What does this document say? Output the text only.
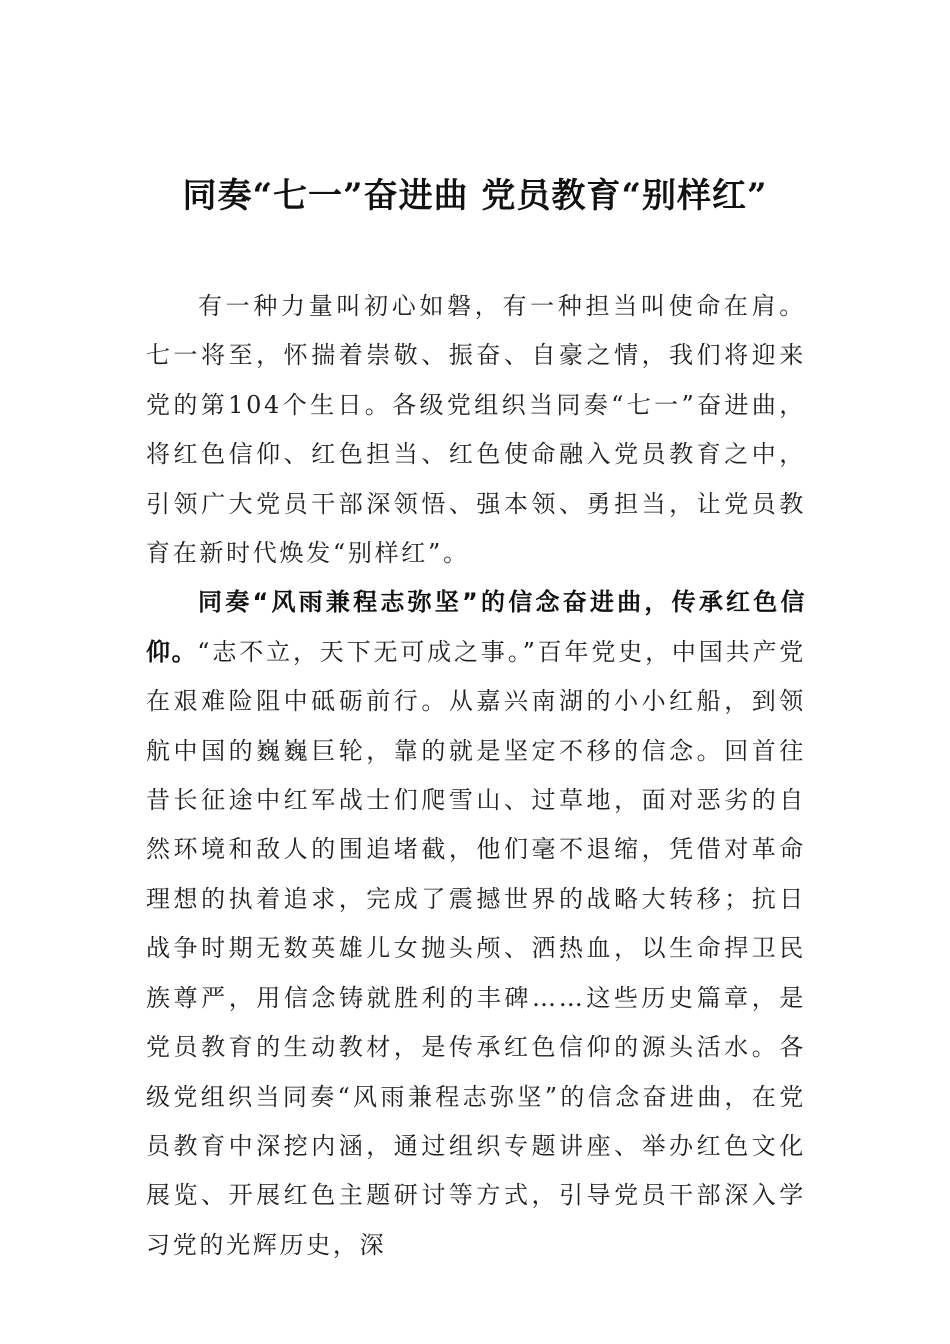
同奏“七一”奋进曲 党员教育“别样红”

有一种力量叫初心如磐，有一种担当叫使命在肩。七一将至，怀揣着崇敬、振奋、自豪之情，我们将迎来党的第104个生日。各级党组织当同奏“七一”奋进曲，将红色信仰、红色担当、红色使命融入党员教育之中，引领广大党员干部深领悟、强本领、勇担当，让党员教育在新时代焕发“别样红”。

同奏“风雨兼程志弥坚”的信念奋进曲，传承红色信仰。“志不立，天下无可成之事。”百年党史，中国共产党在艰难险阻中砥砺前行。从嘉兴南湖的小小红船，到领航中国的巍巍巨轮，靠的就是坚定不移的信念。回首往昔长征途中红军战士们爬雪山、过草地，面对恶劣的自然环境和敌人的围追堵截，他们毫不退缩，凭借对革命理想的执着追求，完成了震撼世界的战略大转移；抗日战争时期无数英雄儿女抛头颅、洒热血，以生命捍卫民族尊严，用信念铸就胜利的丰碑……这些历史篇章，是党员教育的生动教材，是传承红色信仰的源头活水。各级党组织当同奏“风雨兼程志弥坚”的信念奋进曲，在党员教育中深挖内涵，通过组织专题讲座、举办红色文化展览、开展红色主题研讨等方式，引导党员干部深入学习党的光辉历史，深
